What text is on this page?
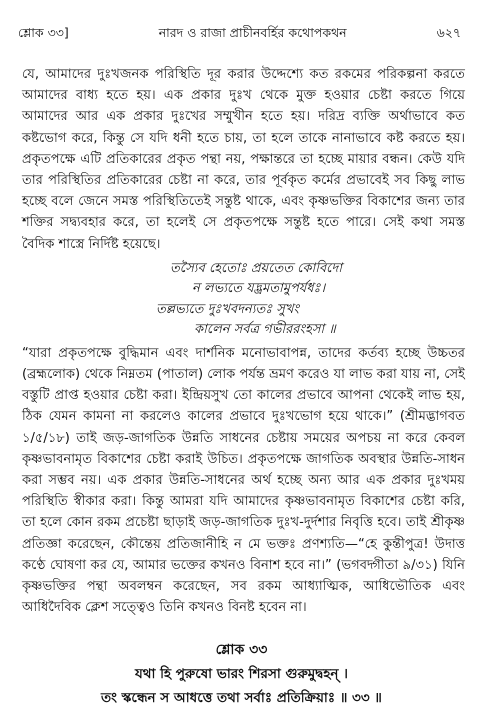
শ্লোক ৩৩]	নারদ ও রাজা প্রাচীনবর্হির কথোপকথন	৬২৭

যে, আমাদের দুঃখজনক পরিস্থিতি দূর করার উদ্দেশ্যে কত রকমের পরিকল্পনা করতে আমাদের বাধ্য হতে হয়। এক প্রকার দুঃখ থেকে মুক্ত হওয়ার চেষ্টা করতে গিয়ে আমাদের আর এক প্রকার দুঃখের সম্মুখীন হতে হয়। দরিদ্র ব্যক্তি অর্থাভাবে কত কষ্টভোগ করে, কিন্তু সে যদি ধনী হতে চায়, তা হলে তাকে নানাভাবে কষ্ট করতে হয়। প্রকৃতপক্ষে এটি প্রতিকারের প্রকৃত পন্থা নয়, পক্ষান্তরে তা হচ্ছে মায়ার বন্ধন। কেউ যদি তার পরিস্থিতির প্রতিকারের চেষ্টা না করে, তার পূর্বকৃত কর্মের প্রভাবেই সব কিছু লাভ হচ্ছে বলে জেনে সমস্ত পরিস্থিতিতেই সন্তুষ্ট থাকে, এবং কৃষ্ণভক্তির বিকাশের জন্য তার শক্তির সদ্ব্যবহার করে, তা হলেই সে প্রকৃতপক্ষে সন্তুষ্ট হতে পারে। সেই কথা সমস্ত বৈদিক শাস্ত্রে নির্দিষ্ট হয়েছে।

তস্যৈব হেতোঃ প্রয়তেত কোবিদো
ন লভ্যতে যদ্ভ্রমতামুপর্যধঃ।
তল্লভ্যতে দুঃখবদন্যতঃ সুখং
কালেন সর্বত্র গভীররংহসা ॥

“যারা প্রকৃতপক্ষে বুদ্ধিমান এবং দার্শনিক মনোভাবাপন্ন, তাদের কর্তব্য হচ্ছে উচ্চতর (ব্রহ্মলোক) থেকে নিম্নতম (পাতাল) লোক পর্যন্ত ভ্রমণ করেও যা লাভ করা যায় না, সেই বস্তুটি প্রাপ্ত হওয়ার চেষ্টা করা। ইন্দ্রিয়সুখ তো কালের প্রভাবে আপনা থেকেই লাভ হয়, ঠিক যেমন কামনা না করলেও কালের প্রভাবে দুঃখভোগ হয়ে থাকে।” (শ্রীমদ্ভাগবত ১/৫/১৮) তাই জড়-জাগতিক উন্নতি সাধনের চেষ্টায় সময়ের অপচয় না করে কেবল কৃষ্ণভাবনামৃত বিকাশের চেষ্টা করাই উচিত। প্রকৃতপক্ষে জাগতিক অবস্থার উন্নতি-সাধন করা সম্ভব নয়। এক প্রকার উন্নতি-সাধনের অর্থ হচ্ছে অন্য আর এক প্রকার দুঃখময় পরিস্থিতি স্বীকার করা। কিন্তু আমরা যদি আমাদের কৃষ্ণভাবনামৃত বিকাশের চেষ্টা করি, তা হলে কোন রকম প্রচেষ্টা ছাড়াই জড়-জাগতিক দুঃখ-দুর্দশার নিবৃত্তি হবে। তাই শ্রীকৃষ্ণ প্রতিজ্ঞা করেছেন, কৌন্তেয় প্রতিজানীহি ন মে ভক্তঃ প্রণশ্যতি—“হে কুন্তীপুত্র! উদাত্ত কণ্ঠে ঘোষণা কর যে, আমার ভক্তের কখনও বিনাশ হবে না।” (ভগবদ্গীতা ৯/৩১) যিনি কৃষ্ণভক্তির পন্থা অবলম্বন করেছেন, সব রকম আধ্যাত্মিক, আধিভৌতিক এবং আধিদৈবিক ক্লেশ সত্ত্বেও তিনি কখনও বিনষ্ট হবেন না।

শ্লোক ৩৩
যথা হি পুরুষো ভারং শিরসা গুরুমুদ্বহন্ ।
তং স্কন্ধেন স আধত্তে তথা সর্বাঃ প্রতিক্রিয়াঃ ॥ ৩৩ ॥
